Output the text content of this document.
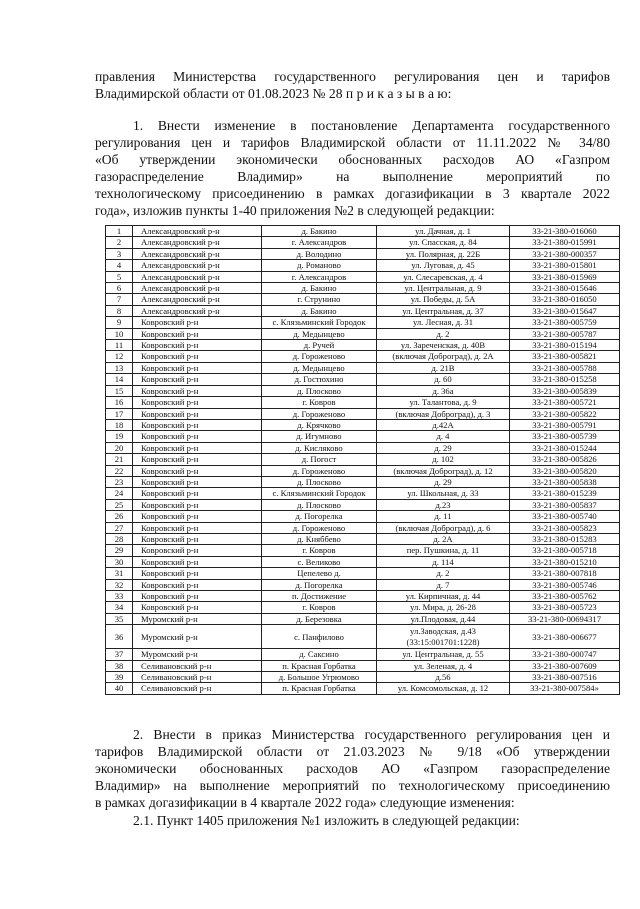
правления Министерства государственного регулирования цен и тарифов
Владимирской области от 01.08.2023 № 28 п р и к а з ы в а ю:
1. Внести изменение в постановление Департамента государственного
регулирования цен и тарифов Владимирской области от 11.11.2022 № 34/80
«Об утверждении экономически обоснованных расходов АО «Газпром
газораспределение Владимир» на выполнение мероприятий по
технологическому присоединению в рамках догазификации в 3 квартале 2022
года», изложив пункты 1-40 приложения №2 в следующей редакции:
1	Александровский р-н	д. Бакино	ул. Дачная, д. 1	33-21-380-016060
2	Александровский р-н	г. Александров	ул. Спасская, д. 84	33-21-380-015991
3	Александровский р-н	д. Володино	ул. Полярная, д. 22Б	33-21-380-000357
4	Александровский р-н	д. Романово	ул. Луговая, д. 45	33-21-380-015801
5	Александровский р-н	г. Александров	ул. Слесаревская, д. 4	33-21-380-015969
6	Александровский р-н	д. Бакино	ул. Центральная, д. 9	33-21-380-015646
7	Александровский р-н	г. Струнино	ул. Победы, д. 5А	33-21-380-016050
8	Александровский р-н	д. Бакино	ул. Центральная, д. 37	33-21-380-015647
9	Ковровский р-н	с. Клязьминский Городок	ул. Лесная, д. 31	33-21-380-005759
10	Ковровский р-н	д. Медынцево	д. 2	33-21-380-005787
11	Ковровский р-н	д. Ручей	ул. Зареченская, д. 40В	33-21-380-015194
12	Ковровский р-н	д. Гороженово	(включая Доброград), д. 2А	33-21-380-005821
13	Ковровский р-н	д. Медынцево	д. 21В	33-21-380-005788
14	Ковровский р-н	д. Гостюхино	д. 60	33-21-380-015258
15	Ковровский р-н	д. Плосково	д. 36а	33-21-380-005839
16	Ковровский р-н	г. Ковров	ул. Талантова, д. 9	33-21-380-005721
17	Ковровский р-н	д. Гороженово	(включая Доброград), д. 3	33-21-380-005822
18	Ковровский р-н	д. Крячково	д.42А	33-21-380-005791
19	Ковровский р-н	д. Игумново	д. 4	33-21-380-005739
20	Ковровский р-н	д. Кисляково	д. 29	33-21-380-015244
21	Ковровский р-н	д. Погост	д. 102	33-21-380-005826
22	Ковровский р-н	д. Гороженово	(включая Доброград), д. 12	33-21-380-005820
23	Ковровский р-н	д. Плосково	д. 29	33-21-380-005838
24	Ковровский р-н	с. Клязьминский Городок	ул. Школьная, д. 33	33-21-380-015239
25	Ковровский р-н	д. Плосково	д.23	33-21-380-005837
26	Ковровский р-н	д. Погорелка	д. 11	33-21-380-005740
27	Ковровский р-н	д. Гороженово	(включая Доброград), д. 6	33-21-380-005823
28	Ковровский р-н	д. Княббево	д. 2А	33-21-380-015283
29	Ковровский р-н	г. Ковров	пер. Пушкина, д. 11	33-21-380-005718
30	Ковровский р-н	с. Великово	д. 114	33-21-380-015210
31	Ковровский р-н	Цепелево д.	д. 2	33-21-380-007818
32	Ковровский р-н	д. Погорелка	д. 7	33-21-380-005746
33	Ковровский р-н	п. Достижение	ул. Кирпичная, д. 44	33-21-380-005762
34	Ковровский р-н	г. Ковров	ул. Мира, д. 26-28	33-21-380-005723
35	Муромский р-н	д. Березовка	ул.Плодовая, д.44	33-21-380-00694317
36	Муромский р-н	с. Панфилово	ул.Заводская, д.43 (33:15:001701:1228)	33-21-380-006677
37	Муромский р-н	д. Саксино	ул. Центральная, д. 55	33-21-380-000747
38	Селивановский р-н	п. Красная Горбатка	ул. Зеленая, д. 4	33-21-380-007609
39	Селивановский р-н	д. Большое Угрюмово	д.56	33-21-380-007516
40	Селивановский р-н	п. Красная Горбатка	ул. Комсомольская, д. 12	33-21-380-007584»
2. Внести в приказ Министерства государственного регулирования цен и
тарифов Владимирской области от 21.03.2023 № 9/18 «Об утверждении
экономически обоснованных расходов АО «Газпром газораспределение
Владимир» на выполнение мероприятий по технологическому присоединению
в рамках догазификации в 4 квартале 2022 года» следующие изменения:
2.1. Пункт 1405 приложения №1 изложить в следующей редакции:
